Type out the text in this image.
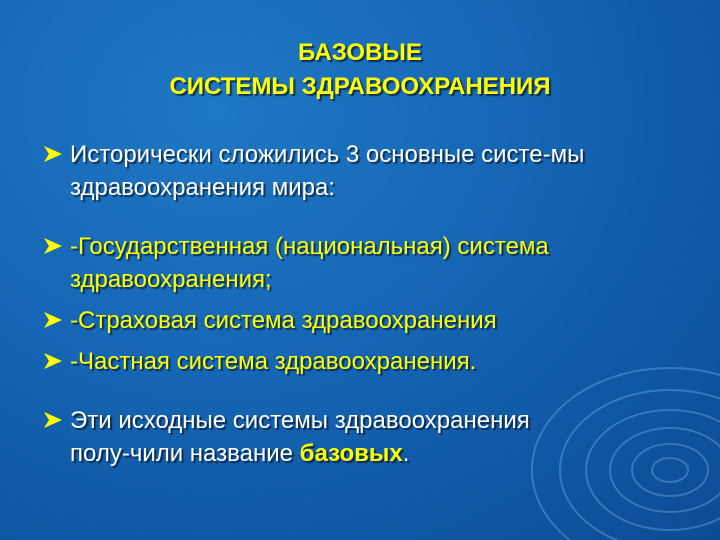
БАЗОВЫЕ
СИСТЕМЫ ЗДРАВООХРАНЕНИЯ
Исторически сложились 3 основные систе-мы
здравоохранения мира:
-Государственная (национальная) система
здравоохранения;
-Страховая система здравоохранения
-Частная система здравоохранения.
Эти исходные системы здравоохранения
полу-чили название базовых.
